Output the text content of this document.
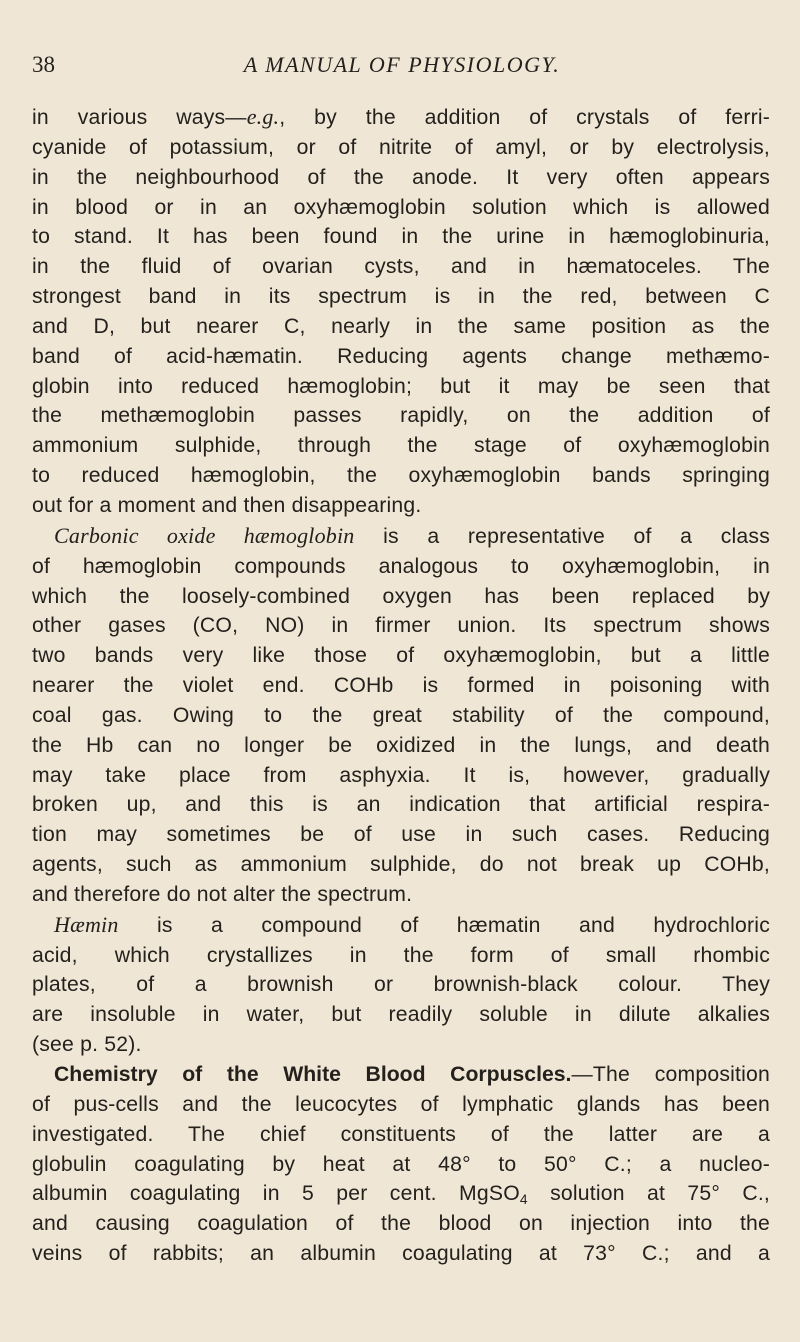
38	A MANUAL OF PHYSIOLOGY.
in various ways—e.g., by the addition of crystals of ferri-
cyanide of potassium, or of nitrite of amyl, or by electrolysis,
in the neighbourhood of the anode. It very often appears
in blood or in an oxyhæmoglobin solution which is allowed
to stand. It has been found in the urine in hæmoglobinuria,
in the fluid of ovarian cysts, and in hæmatoceles. The
strongest band in its spectrum is in the red, between C
and D, but nearer C, nearly in the same position as the
band of acid-hæmatin. Reducing agents change methæmo-
globin into reduced hæmoglobin; but it may be seen that
the methæmoglobin passes rapidly, on the addition of
ammonium sulphide, through the stage of oxyhæmoglobin
to reduced hæmoglobin, the oxyhæmoglobin bands springing
out for a moment and then disappearing.
Carbonic oxide hæmoglobin is a representative of a class
of hæmoglobin compounds analogous to oxyhæmoglobin, in
which the loosely-combined oxygen has been replaced by
other gases (CO, NO) in firmer union. Its spectrum shows
two bands very like those of oxyhæmoglobin, but a little
nearer the violet end. COHb is formed in poisoning with
coal gas. Owing to the great stability of the compound,
the Hb can no longer be oxidized in the lungs, and death
may take place from asphyxia. It is, however, gradually
broken up, and this is an indication that artificial respira-
tion may sometimes be of use in such cases. Reducing
agents, such as ammonium sulphide, do not break up COHb,
and therefore do not alter the spectrum.
Hæmin is a compound of hæmatin and hydrochloric
acid, which crystallizes in the form of small rhombic
plates, of a brownish or brownish-black colour. They
are insoluble in water, but readily soluble in dilute alkalies
(see p. 52).
Chemistry of the White Blood Corpuscles.—The composition
of pus-cells and the leucocytes of lymphatic glands has been
investigated. The chief constituents of the latter are a
globulin coagulating by heat at 48° to 50° C.; a nucleo-
albumin coagulating in 5 per cent. MgSO$_4$ solution at 75° C.,
and causing coagulation of the blood on injection into the
veins of rabbits; an albumin coagulating at 73° C.; and a
